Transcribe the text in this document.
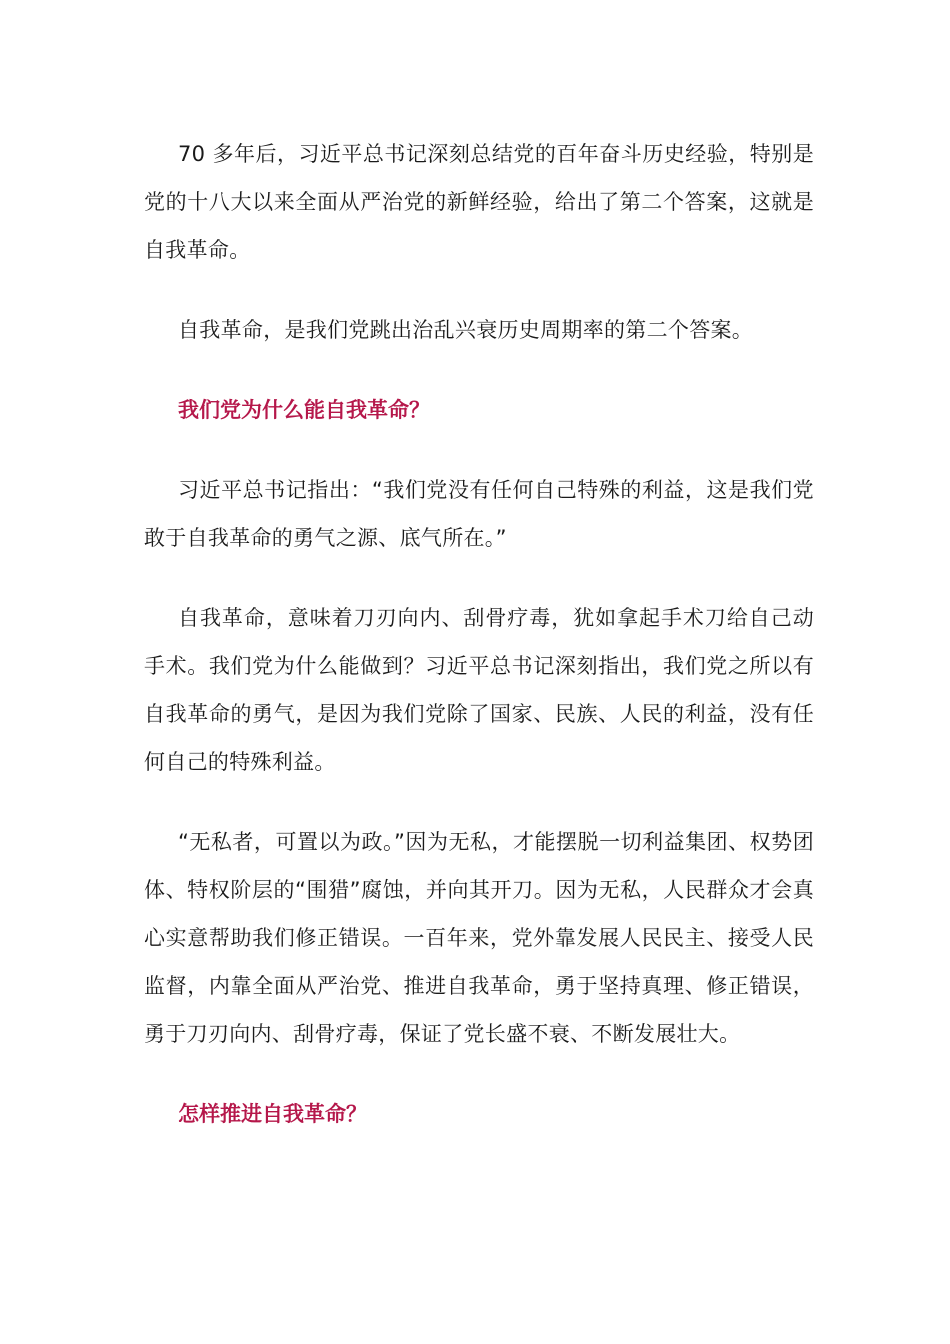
70 多年后，习近平总书记深刻总结党的百年奋斗历史经验，特别是党的十八大以来全面从严治党的新鲜经验，给出了第二个答案，这就是自我革命。

自我革命，是我们党跳出治乱兴衰历史周期率的第二个答案。

我们党为什么能自我革命？

习近平总书记指出：“我们党没有任何自己特殊的利益，这是我们党敢于自我革命的勇气之源、底气所在。”

自我革命，意味着刀刃向内、刮骨疗毒，犹如拿起手术刀给自己动手术。我们党为什么能做到？习近平总书记深刻指出，我们党之所以有自我革命的勇气，是因为我们党除了国家、民族、人民的利益，没有任何自己的特殊利益。

“无私者，可置以为政。”因为无私，才能摆脱一切利益集团、权势团体、特权阶层的“围猎”腐蚀，并向其开刀。因为无私，人民群众才会真心实意帮助我们修正错误。一百年来，党外靠发展人民民主、接受人民监督，内靠全面从严治党、推进自我革命，勇于坚持真理、修正错误，勇于刀刃向内、刮骨疗毒，保证了党长盛不衰、不断发展壮大。

怎样推进自我革命？
